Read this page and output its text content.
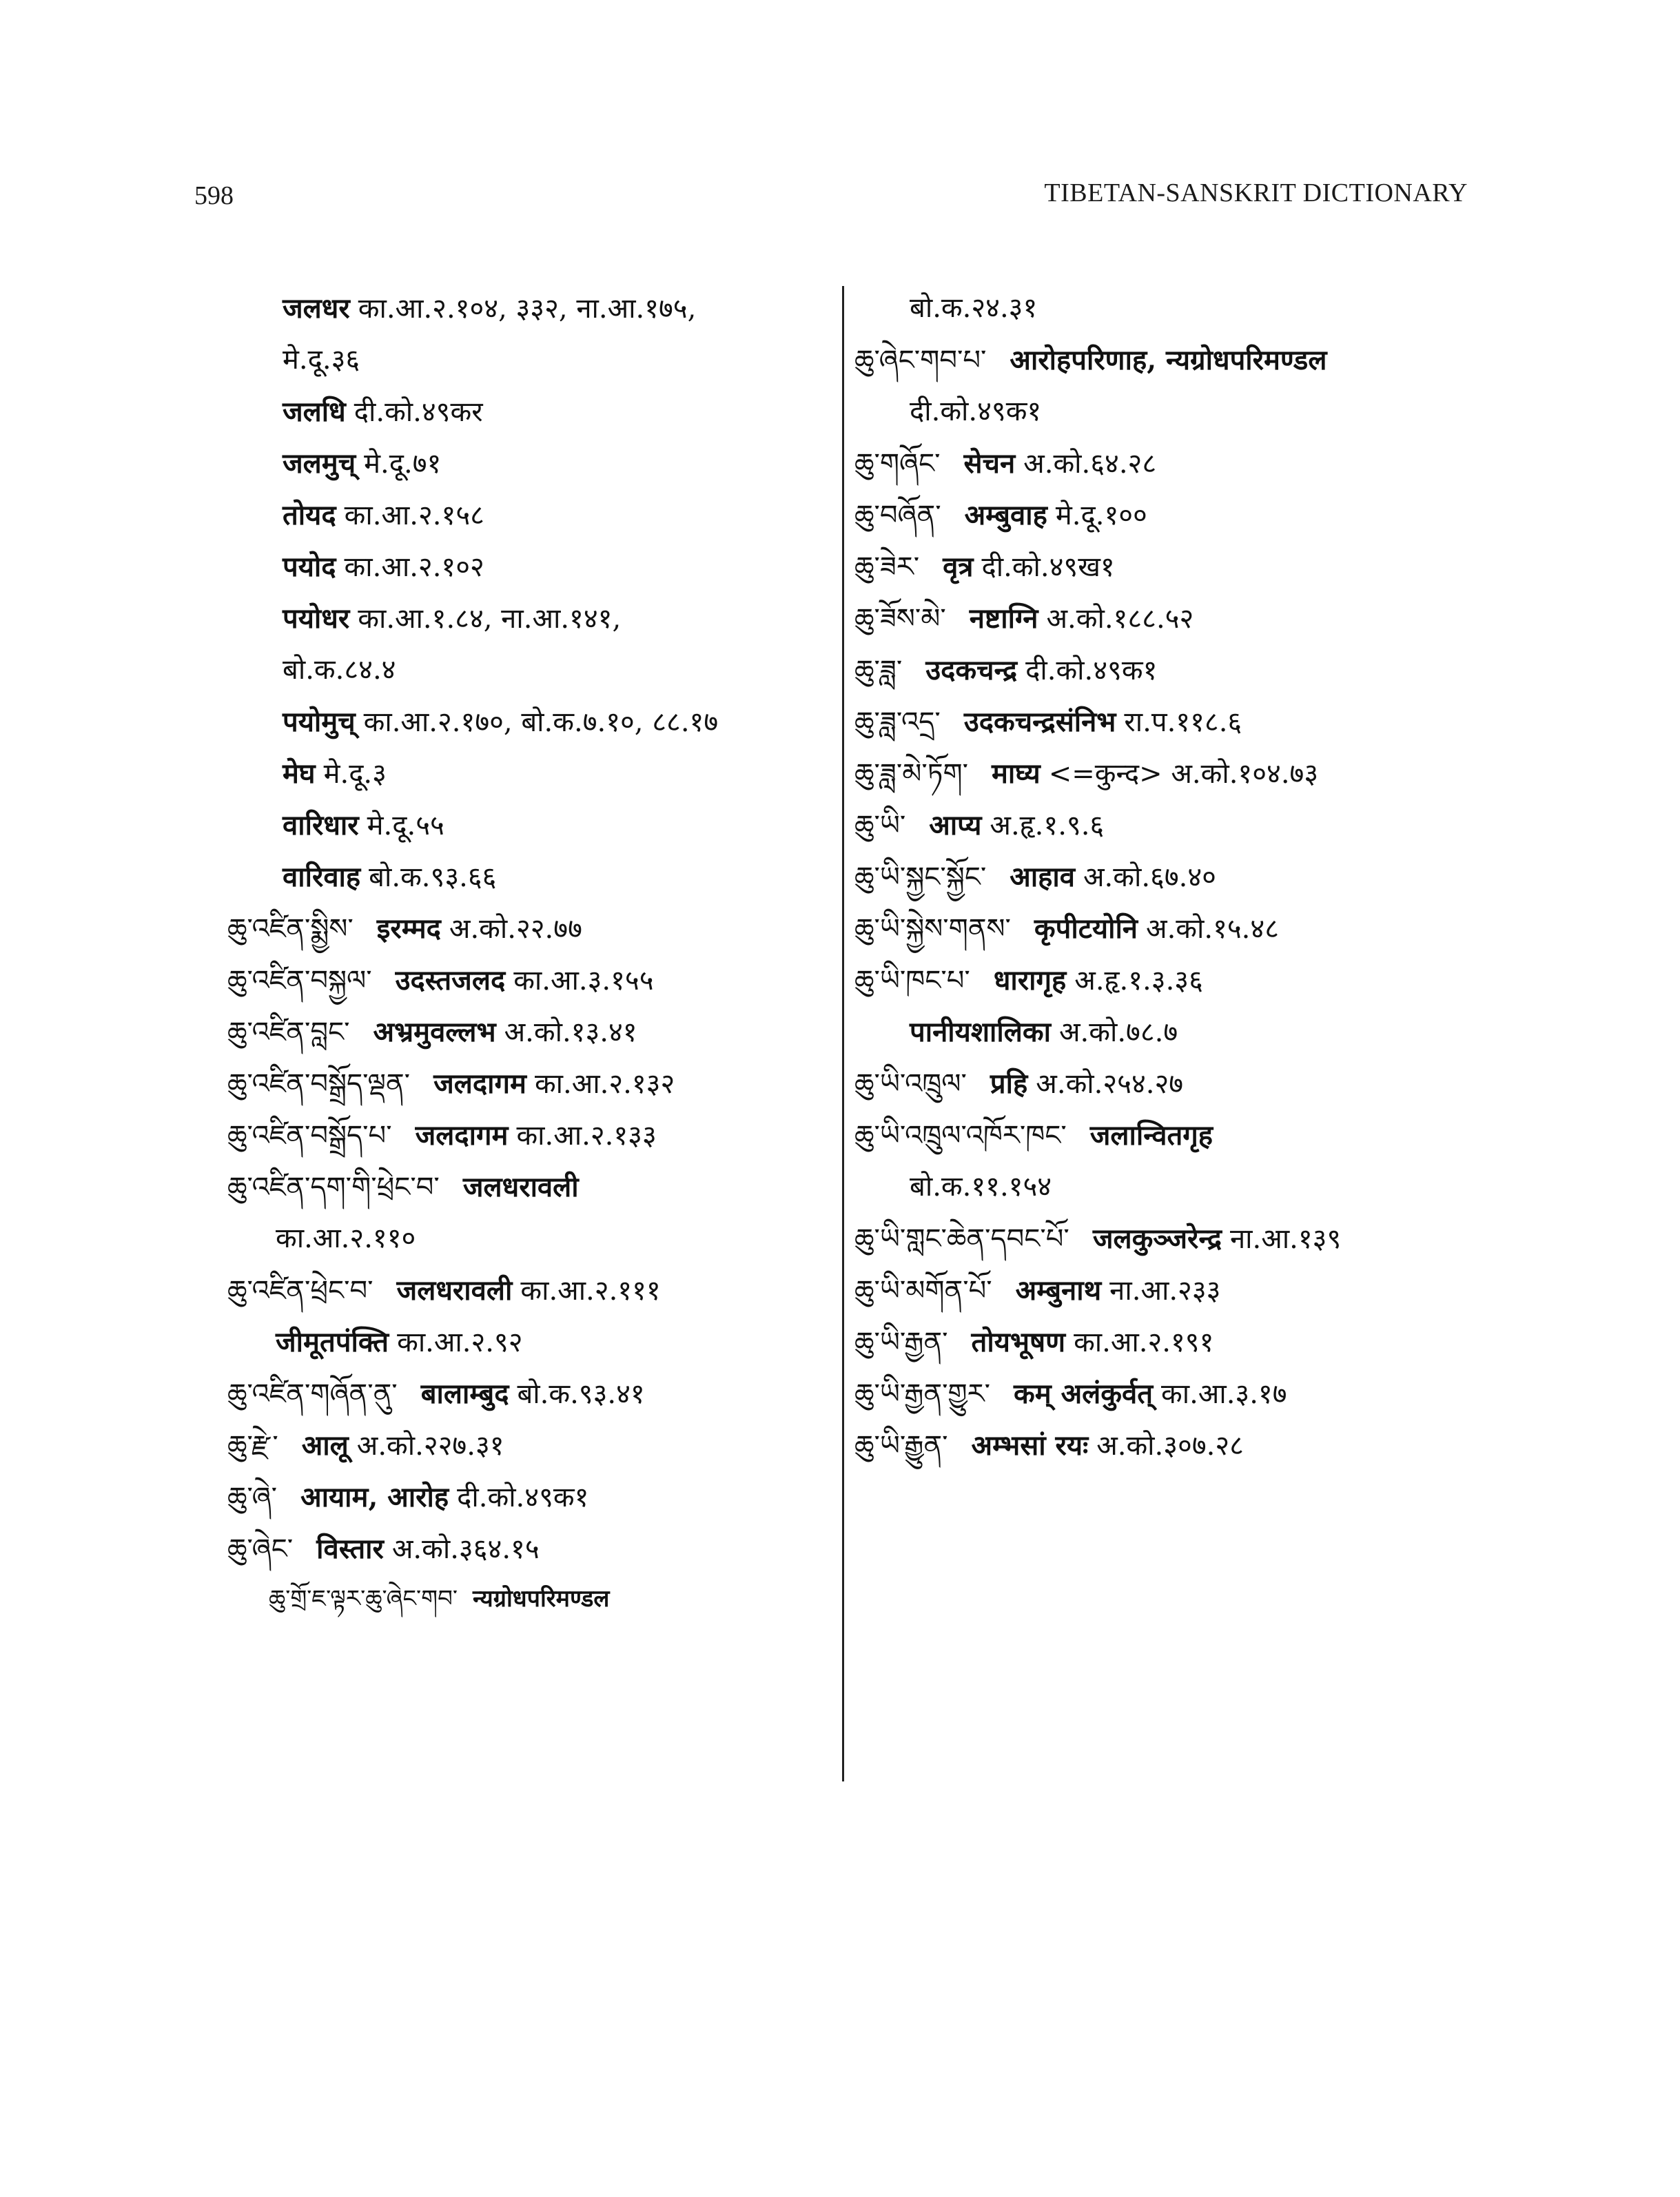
598	TIBETAN-SANSKRIT DICTIONARY
जलधर का.आ.२.१०४, ३३२, ना.आ.१७५,
मे.दू.३६
जलधि दी.को.४९कर
जलमुच् मे.दू.७१
तोयद का.आ.२.१५८
पयोद का.आ.२.१०२
पयोधर का.आ.१.८४, ना.आ.१४१,
बो.क.८४.४
पयोमुच् का.आ.२.१७०, बो.क.७.१०, ८८.१७
मेघ मे.दू.३
वारिधार मे.दू.५५
वारिवाह बो.क.९३.६६
ཆུ་འཛིན་སྨྱིས་ इरम्मद अ.को.२२.७७
ཆུ་འཛིན་བསྐྱལ་ उदस्तजलद का.आ.३.१५५
ཆུ་འཛིན་བླང་ अभ्रमुवल्लभ अ.को.१३.४१
ཆུ་འཛིན་བསྒྲོད་ལྡན་ जलदागम का.आ.२.१३२
ཆུ་འཛིན་བསྒྲོད་པ་ जलदागम का.आ.२.१३३
ཆུ་འཛིན་དག་གི་ཕྲེང་བ་ जलधरावली
का.आ.२.११०
ཆུ་འཛིན་ཕྲེང་བ་ जलधरावली का.आ.२.१११
जीमूतपंक्ति का.आ.२.९२
ཆུ་འཛིན་གཞོན་ནུ་ बालाम्बुद बो.क.९३.४१
ཆུ་རྫེ་ आलू अ.को.२२७.३१
ཆུ་ཞེ་ आयाम, आरोह दी.को.४९क१
ཆུ་ཞེང་ विस्तार अ.को.३६४.१५
ཆུ་གྲོ་ཇ་ལྟར་ཆུ་ཞེང་གབ་ न्यग्रोधपरिमण्डल
बो.क.२४.३१
ཆུ་ཞེང་གབ་པ་ आरोहपरिणाह, न्यग्रोधपरिमण्डल
दी.को.४९क१
ཆུ་གཞོང་ सेचन अ.को.६४.२८
ཆུ་བཞོན་ अम्बुवाह मे.दू.१००
ཆུ་ཟེར་ वृत्र दी.को.४९ख१
ཆུ་ཟོས་མེ་ नष्टाग्नि अ.को.१८८.५२
ཆུ་ཟླ་ उदकचन्द्र दी.को.४९क१
ཆུ་ཟླ་འདྲ་ उदकचन्द्रसंनिभ रा.प.११८.६
ཆུ་ཟླ་མེ་ཏོག་ माघ्य <=कुन्द> अ.को.१०४.७३
ཆུ་ཡི་ आप्य अ.हृ.१.९.६
ཆུ་ཡི་སྐྱང་སྐྱོང་ आहाव अ.को.६७.४०
ཆུ་ཡི་སྐྱེས་གནས་ कृपीटयोनि अ.को.१५.४८
ཆུ་ཡི་ཁང་པ་ धारागृह अ.हृ.१.३.३६
पानीयशालिका अ.को.७८.७
ཆུ་ཡི་འཁྲུལ་ प्रहि अ.को.२५४.२७
ཆུ་ཡི་འཁྲུལ་འཁོར་ཁང་ जलान्वितगृह
बो.क.११.१५४
ཆུ་ཡི་གླང་ཆེན་དབང་པོ་ जलकुञ्जरेन्द्र ना.आ.१३९
ཆུ་ཡི་མགོན་པོ་ अम्बुनाथ ना.आ.२३३
ཆུ་ཡི་རྒྱན་ तोयभूषण का.आ.२.१९१
ཆུ་ཡི་རྒྱན་གྱུར་ कम् अलंकुर्वत् का.आ.३.१७
ཆུ་ཡི་རྒྱུན་ अम्भसां रयः अ.को.३०७.२८
